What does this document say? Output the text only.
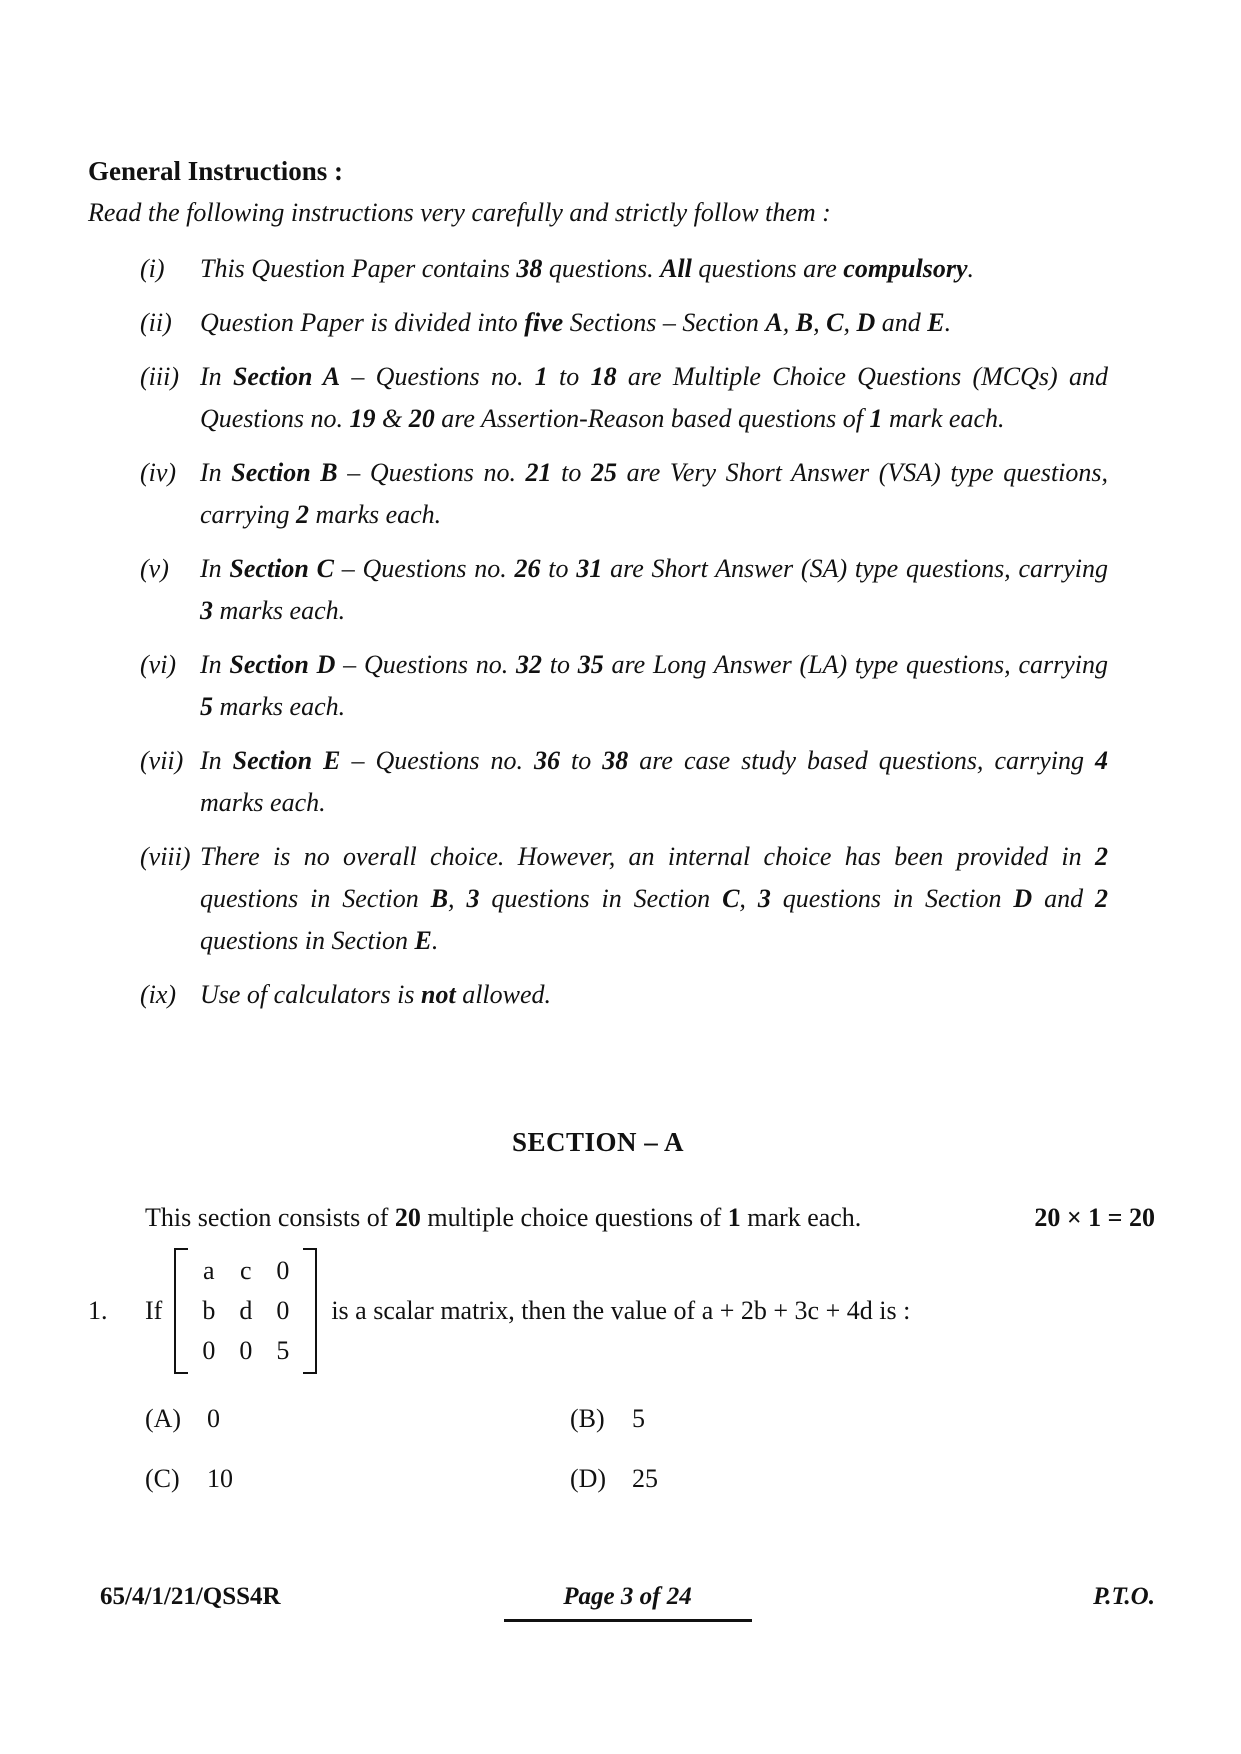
General Instructions :
Read the following instructions very carefully and strictly follow them :
(i)	This Question Paper contains 38 questions. All questions are compulsory.
(ii)	Question Paper is divided into five Sections – Section A, B, C, D and E.
(iii) In Section A – Questions no. 1 to 18 are Multiple Choice Questions (MCQs) and Questions no. 19 & 20 are Assertion-Reason based questions of 1 mark each.
(iv) In Section B – Questions no. 21 to 25 are Very Short Answer (VSA) type questions, carrying 2 marks each.
(v)	In Section C – Questions no. 26 to 31 are Short Answer (SA) type questions, carrying 3 marks each.
(vi) In Section D – Questions no. 32 to 35 are Long Answer (LA) type questions, carrying 5 marks each.
(vii) In Section E – Questions no. 36 to 38 are case study based questions, carrying 4 marks each.
(viii) There is no overall choice. However, an internal choice has been provided in 2 questions in Section B, 3 questions in Section C, 3 questions in Section D and 2 questions in Section E.
(ix) Use of calculators is not allowed.
SECTION – A
This section consists of 20 multiple choice questions of 1 mark each.	20 × 1 = 20
1.	If
a c 0
b d 0
0 0 5
is a scalar matrix, then the value of a + 2b + 3c + 4d is :
(A) 0	(B)	5
(C)	10	(D) 25
65/4/1/21/QSS4R	Page 3 of 24	P.T.O.
